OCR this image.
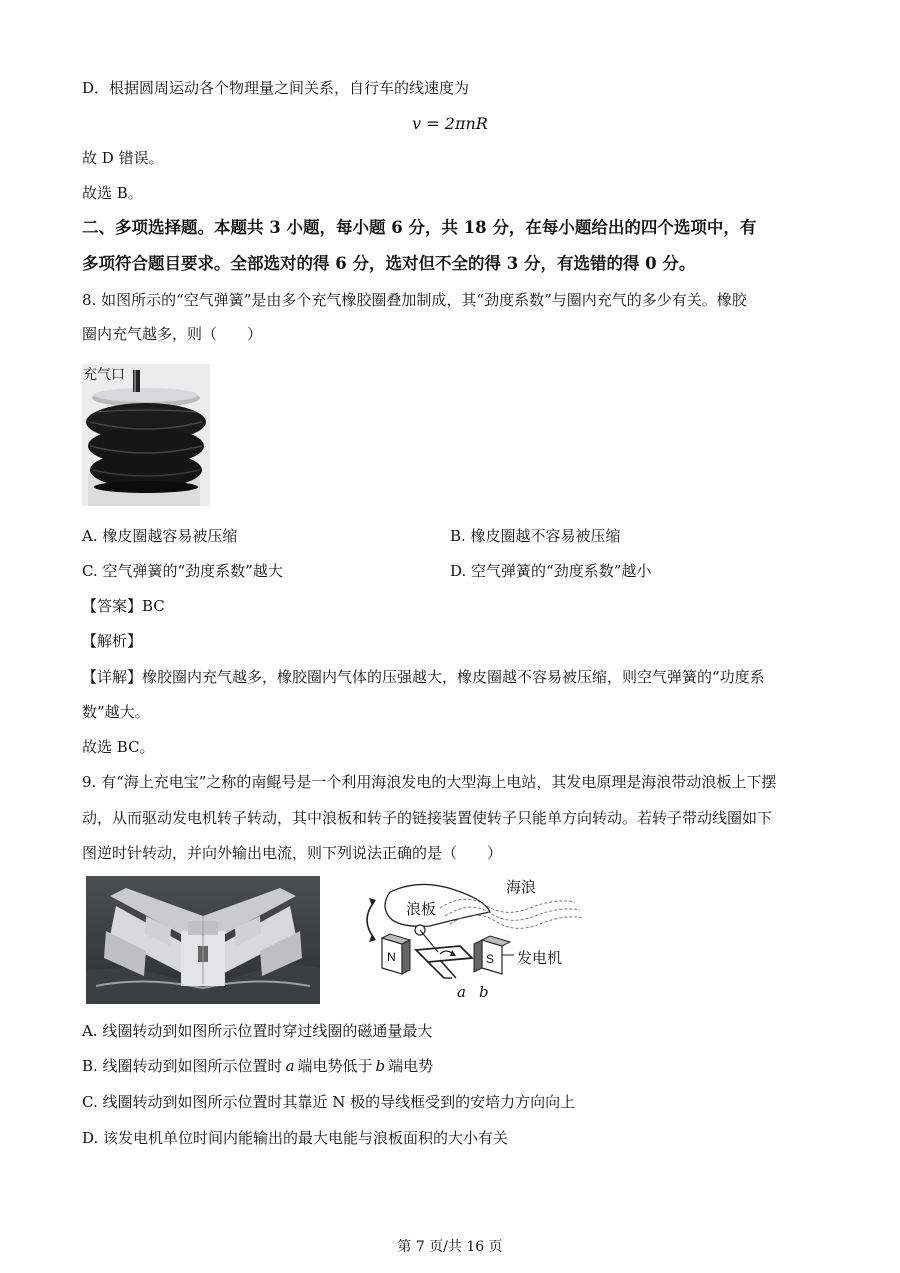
D．根据圆周运动各个物理量之间关系，自行车的线速度为
v = 2πnR
故 D 错误。
故选 B。
二、多项选择题。本题共 3 小题，每小题 6 分，共 18 分，在每小题给出的四个选项中，有
多项符合题目要求。全部选对的得 6 分，选对但不全的得 3 分，有选错的得 0 分。
8. 如图所示的“空气弹簧”是由多个充气橡胶圈叠加制成，其“劲度系数”与圈内充气的多少有关。橡胶
圈内充气越多，则（　　）
充气口
A. 橡皮圈越容易被压缩	B. 橡皮圈越不容易被压缩
C. 空气弹簧的“劲度系数”越大	D. 空气弹簧的“劲度系数”越小
【答案】BC
【解析】
【详解】橡胶圈内充气越多，橡胶圈内气体的压强越大，橡皮圈越不容易被压缩，则空气弹簧的“功度系
数”越大。
故选 BC。
9. 有“海上充电宝”之称的南鲲号是一个利用海浪发电的大型海上电站，其发电原理是海浪带动浪板上下摆
动，从而驱动发电机转子转动，其中浪板和转子的链接装置使转子只能单方向转动。若转子带动线圈如下
图逆时针转动，并向外输出电流，则下列说法正确的是（　　）
海浪
浪板
发电机
N	S
a b
A. 线圈转动到如图所示位置时穿过线圈的磁通量最大
B. 线圈转动到如图所示位置时 a 端电势低于 b 端电势
C. 线圈转动到如图所示位置时其靠近 N 极的导线框受到的安培力方向向上
D. 该发电机单位时间内能输出的最大电能与浪板面积的大小有关
第 7 页/共 16 页
